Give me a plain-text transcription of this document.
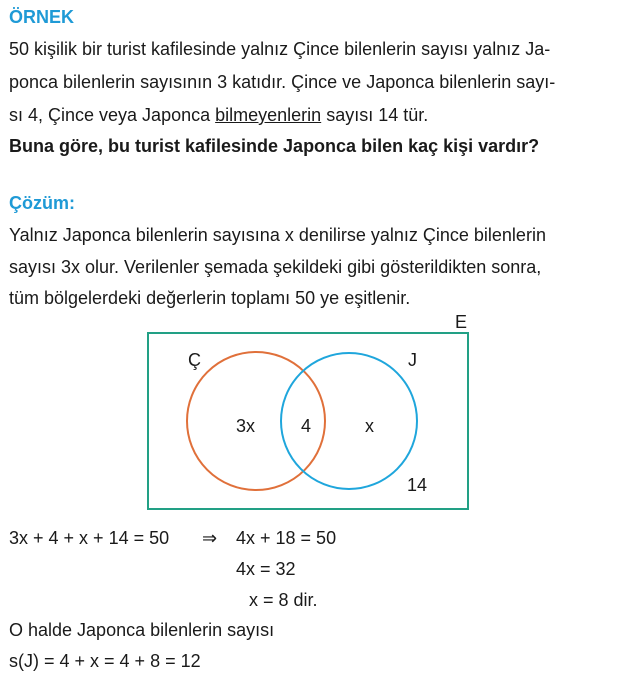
ÖRNEK
50 kişilik bir turist kafilesinde yalnız Çince bilenlerin sayısı yalnız Ja-
ponca bilenlerin sayısının 3 katıdır. Çince ve Japonca bilenlerin sayı-
sı 4, Çince veya Japonca bilmeyenlerin sayısı 14 tür.
Buna göre, bu turist kafilesinde Japonca bilen kaç kişi vardır?
Çözüm:
Yalnız Japonca bilenlerin sayısına x denilirse yalnız Çince bilenlerin
sayısı 3x olur. Verilenler şemada şekildeki gibi gösterildikten sonra,
tüm bölgelerdeki değerlerin toplamı 50 ye eşitlenir.
E
Ç	J
3x	4	x
14
3x + 4 + x + 14 = 50 ⇒ 4x + 18 = 50
4x = 32
x = 8 dir.
O halde Japonca bilenlerin sayısı
s(J) = 4 + x = 4 + 8 = 12
